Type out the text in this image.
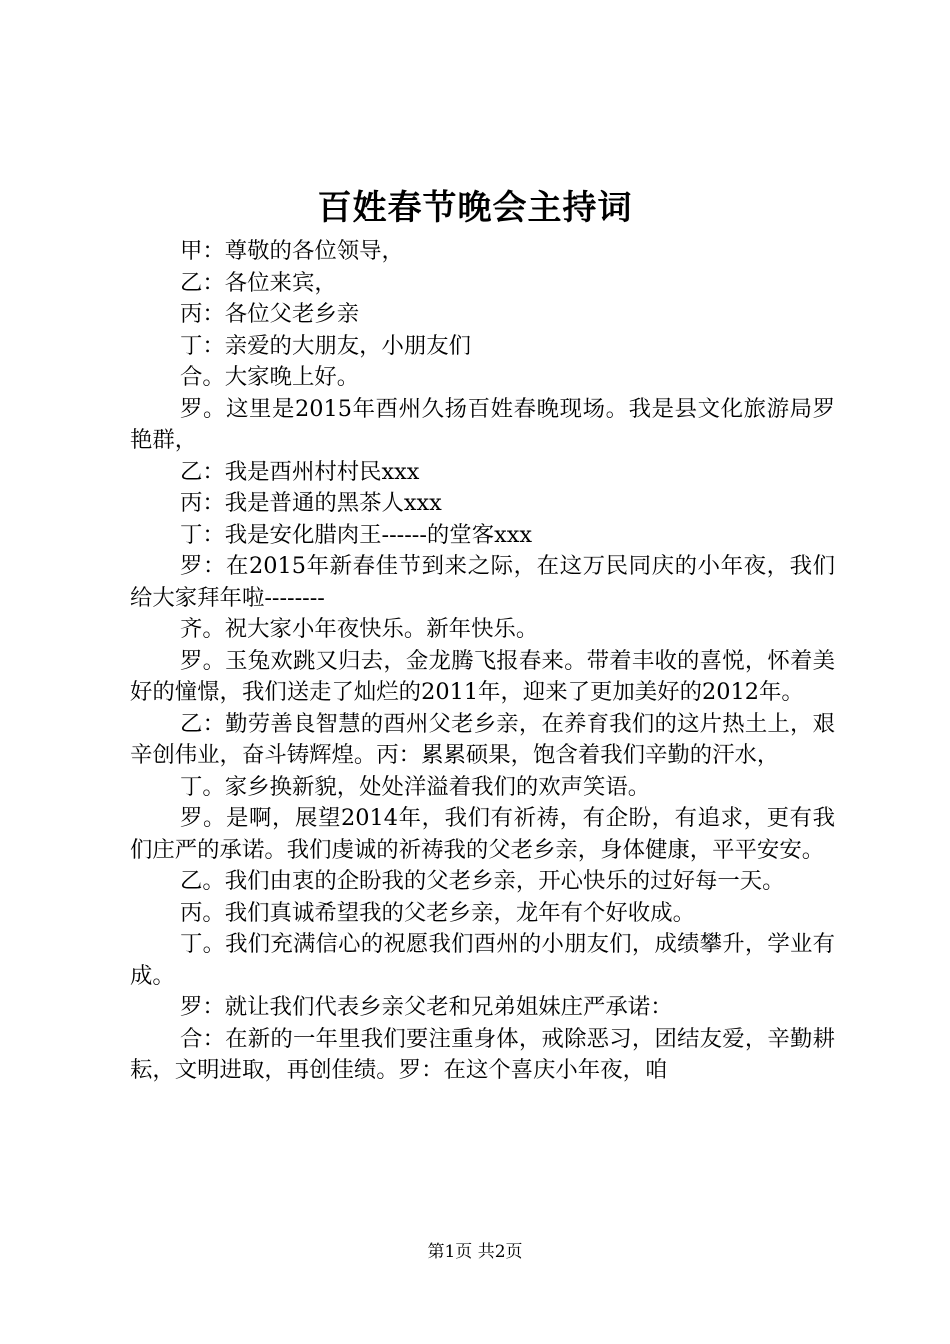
百姓春节晚会主持词

甲：尊敬的各位领导，

乙：各位来宾，

丙：各位父老乡亲

丁：亲爱的大朋友，小朋友们

合。大家晚上好。

罗。这里是2015年酉州久扬百姓春晚现场。我是县文化旅游局罗艳群，

乙：我是酉州村村民xxx

丙：我是普通的黑茶人xxx

丁：我是安化腊肉王------的堂客xxx

罗：在2015年新春佳节到来之际，在这万民同庆的小年夜，我们给大家拜年啦--------

齐。祝大家小年夜快乐。新年快乐。

罗。玉兔欢跳又归去，金龙腾飞报春来。带着丰收的喜悦，怀着美好的憧憬，我们送走了灿烂的2011年，迎来了更加美好的2012年。

乙：勤劳善良智慧的酉州父老乡亲，在养育我们的这片热土上，艰辛创伟业，奋斗铸辉煌。丙：累累硕果，饱含着我们辛勤的汗水，

丁。家乡换新貌，处处洋溢着我们的欢声笑语。

罗。是啊，展望2014年，我们有祈祷，有企盼，有追求，更有我们庄严的承诺。我们虔诚的祈祷我的父老乡亲，身体健康，平平安安。

乙。我们由衷的企盼我的父老乡亲，开心快乐的过好每一天。

丙。我们真诚希望我的父老乡亲，龙年有个好收成。

丁。我们充满信心的祝愿我们酉州的小朋友们，成绩攀升，学业有成。

罗：就让我们代表乡亲父老和兄弟姐妹庄严承诺：

合：在新的一年里我们要注重身体，戒除恶习，团结友爱，辛勤耕耘，文明进取，再创佳绩。罗：在这个喜庆小年夜，咱

第1页 共2页
